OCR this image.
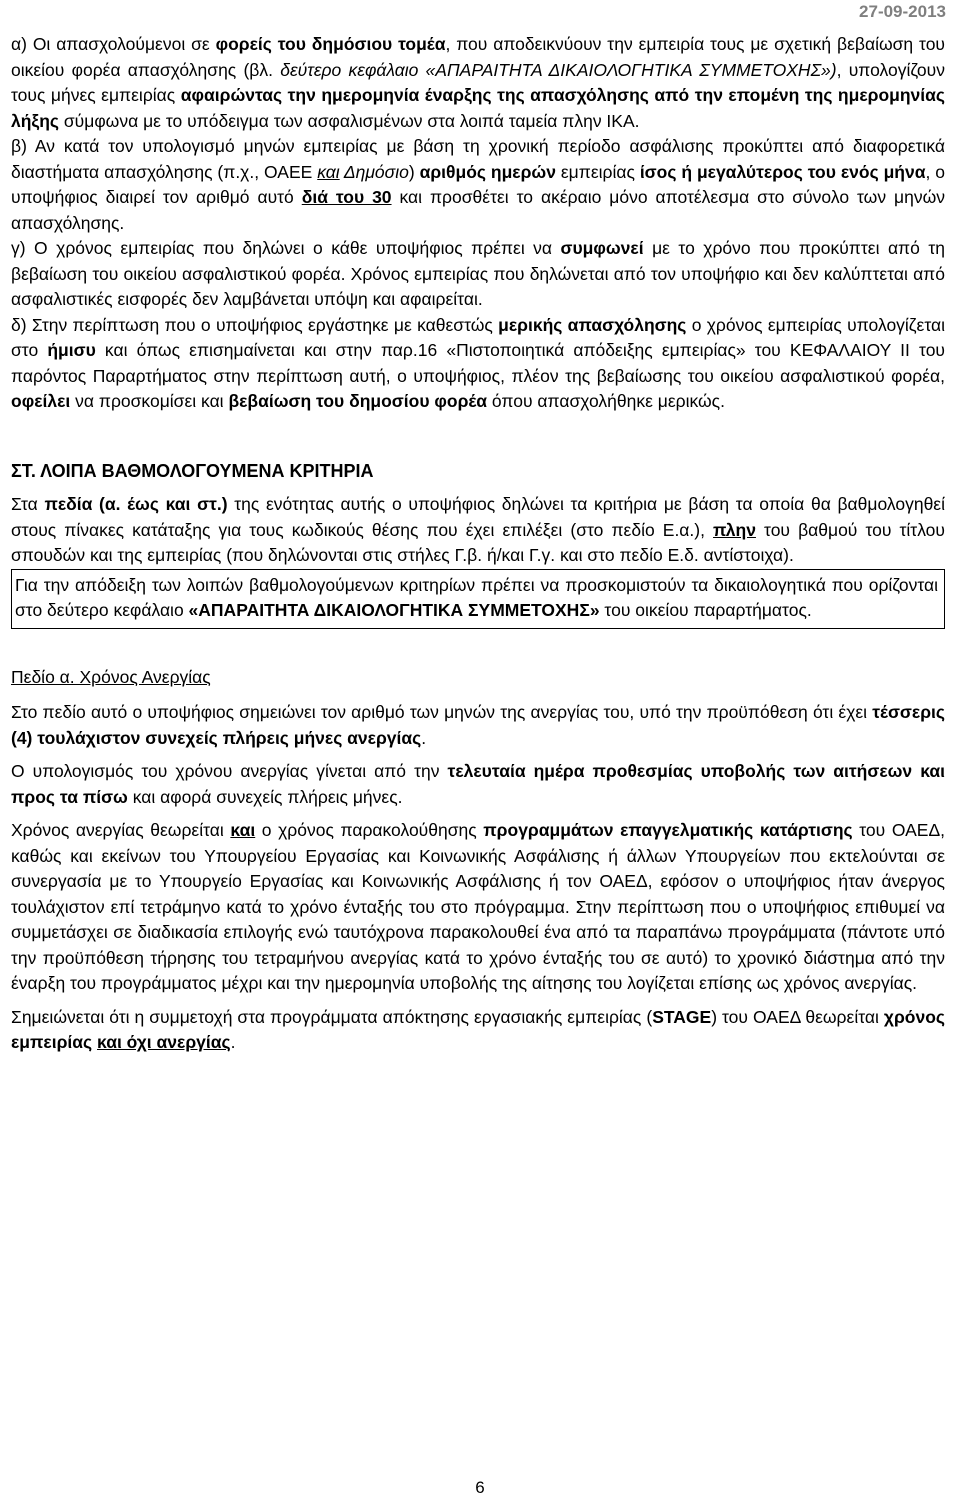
27-09-2013

α) Οι απασχολούμενοι σε φορείς του δημόσιου τομέα, που αποδεικνύουν την εμπειρία τους με σχετική βεβαίωση του οικείου φορέα απασχόλησης (βλ. δεύτερο κεφάλαιο «ΑΠΑΡΑΙΤΗΤΑ ΔΙΚΑΙΟΛΟΓΗΤΙΚΑ ΣΥΜΜΕΤΟΧΗΣ»), υπολογίζουν τους μήνες εμπειρίας αφαιρώντας την ημερομηνία έναρξης της απασχόλησης από την επομένη της ημερομηνίας λήξης σύμφωνα με το υπόδειγμα των ασφαλισμένων στα λοιπά ταμεία πλην ΙΚΑ.

β) Αν κατά τον υπολογισμό μηνών εμπειρίας με βάση τη χρονική περίοδο ασφάλισης προκύπτει από διαφορετικά διαστήματα απασχόλησης (π.χ., ΟΑΕΕ και Δημόσιο) αριθμός ημερών εμπειρίας ίσος ή μεγαλύτερος του ενός μήνα, ο υποψήφιος διαιρεί τον αριθμό αυτό διά του 30 και προσθέτει το ακέραιο μόνο αποτέλεσμα στο σύνολο των μηνών απασχόλησης.

γ) Ο χρόνος εμπειρίας που δηλώνει ο κάθε υποψήφιος πρέπει να συμφωνεί με το χρόνο που προκύπτει από τη βεβαίωση του οικείου ασφαλιστικού φορέα. Χρόνος εμπειρίας που δηλώνεται από τον υποψήφιο και δεν καλύπτεται από ασφαλιστικές εισφορές δεν λαμβάνεται υπόψη και αφαιρείται.

δ) Στην περίπτωση που ο υποψήφιος εργάστηκε με καθεστώς μερικής απασχόλησης ο χρόνος εμπειρίας υπολογίζεται στο ήμισυ και όπως επισημαίνεται και στην παρ.16 «Πιστοποιητικά απόδειξης εμπειρίας» του ΚΕΦΑΛΑΙΟΥ ΙΙ του παρόντος Παραρτήματος στην περίπτωση αυτή, ο υποψήφιος, πλέον της βεβαίωσης του οικείου ασφαλιστικού φορέα, οφείλει να προσκομίσει και βεβαίωση του δημοσίου φορέα όπου απασχολήθηκε μερικώς.

ΣΤ. ΛΟΙΠΑ ΒΑΘΜΟΛΟΓΟΥΜΕΝΑ ΚΡΙΤΗΡΙΑ

Στα πεδία (α. έως και στ.) της ενότητας αυτής ο υποψήφιος δηλώνει τα κριτήρια με βάση τα οποία θα βαθμολογηθεί στους πίνακες κατάταξης για τους κωδικούς θέσης που έχει επιλέξει (στο πεδίο Ε.α.), πλην του βαθμού του τίτλου σπουδών και της εμπειρίας (που δηλώνονται στις στήλες Γ.β. ή/και Γ.γ. και στο πεδίο Ε.δ. αντίστοιχα).

Για την απόδειξη των λοιπών βαθμολογούμενων κριτηρίων πρέπει να προσκομιστούν τα δικαιολογητικά που ορίζονται στο δεύτερο κεφάλαιο «ΑΠΑΡΑΙΤΗΤΑ ΔΙΚΑΙΟΛΟΓΗΤΙΚΑ ΣΥΜΜΕΤΟΧΗΣ» του οικείου παραρτήματος.

Πεδίο α. Χρόνος Ανεργίας

Στο πεδίο αυτό ο υποψήφιος σημειώνει τον αριθμό των μηνών της ανεργίας του, υπό την προϋπόθεση ότι έχει τέσσερις (4) τουλάχιστον συνεχείς πλήρεις μήνες ανεργίας.

Ο υπολογισμός του χρόνου ανεργίας γίνεται από την τελευταία ημέρα προθεσμίας υποβολής των αιτήσεων και προς τα πίσω και αφορά συνεχείς πλήρεις μήνες.

Χρόνος ανεργίας θεωρείται και ο χρόνος παρακολούθησης προγραμμάτων επαγγελματικής κατάρτισης του ΟΑΕΔ, καθώς και εκείνων του Υπουργείου Εργασίας και Κοινωνικής Ασφάλισης ή άλλων Υπουργείων που εκτελούνται σε συνεργασία με το Υπουργείο Εργασίας και Κοινωνικής Ασφάλισης ή τον ΟΑΕΔ, εφόσον ο υποψήφιος ήταν άνεργος τουλάχιστον επί τετράμηνο κατά το χρόνο ένταξής του στο πρόγραμμα. Στην περίπτωση που ο υποψήφιος επιθυμεί να συμμετάσχει σε διαδικασία επιλογής ενώ ταυτόχρονα παρακολουθεί ένα από τα παραπάνω προγράμματα (πάντοτε υπό την προϋπόθεση τήρησης του τετραμήνου ανεργίας κατά το χρόνο ένταξής του σε αυτό) το χρονικό διάστημα από την έναρξη του προγράμματος μέχρι και την ημερομηνία υποβολής της αίτησης του λογίζεται επίσης ως χρόνος ανεργίας.

Σημειώνεται ότι η συμμετοχή στα προγράμματα απόκτησης εργασιακής εμπειρίας (STAGE) του ΟΑΕΔ θεωρείται χρόνος εμπειρίας και όχι ανεργίας.

6
